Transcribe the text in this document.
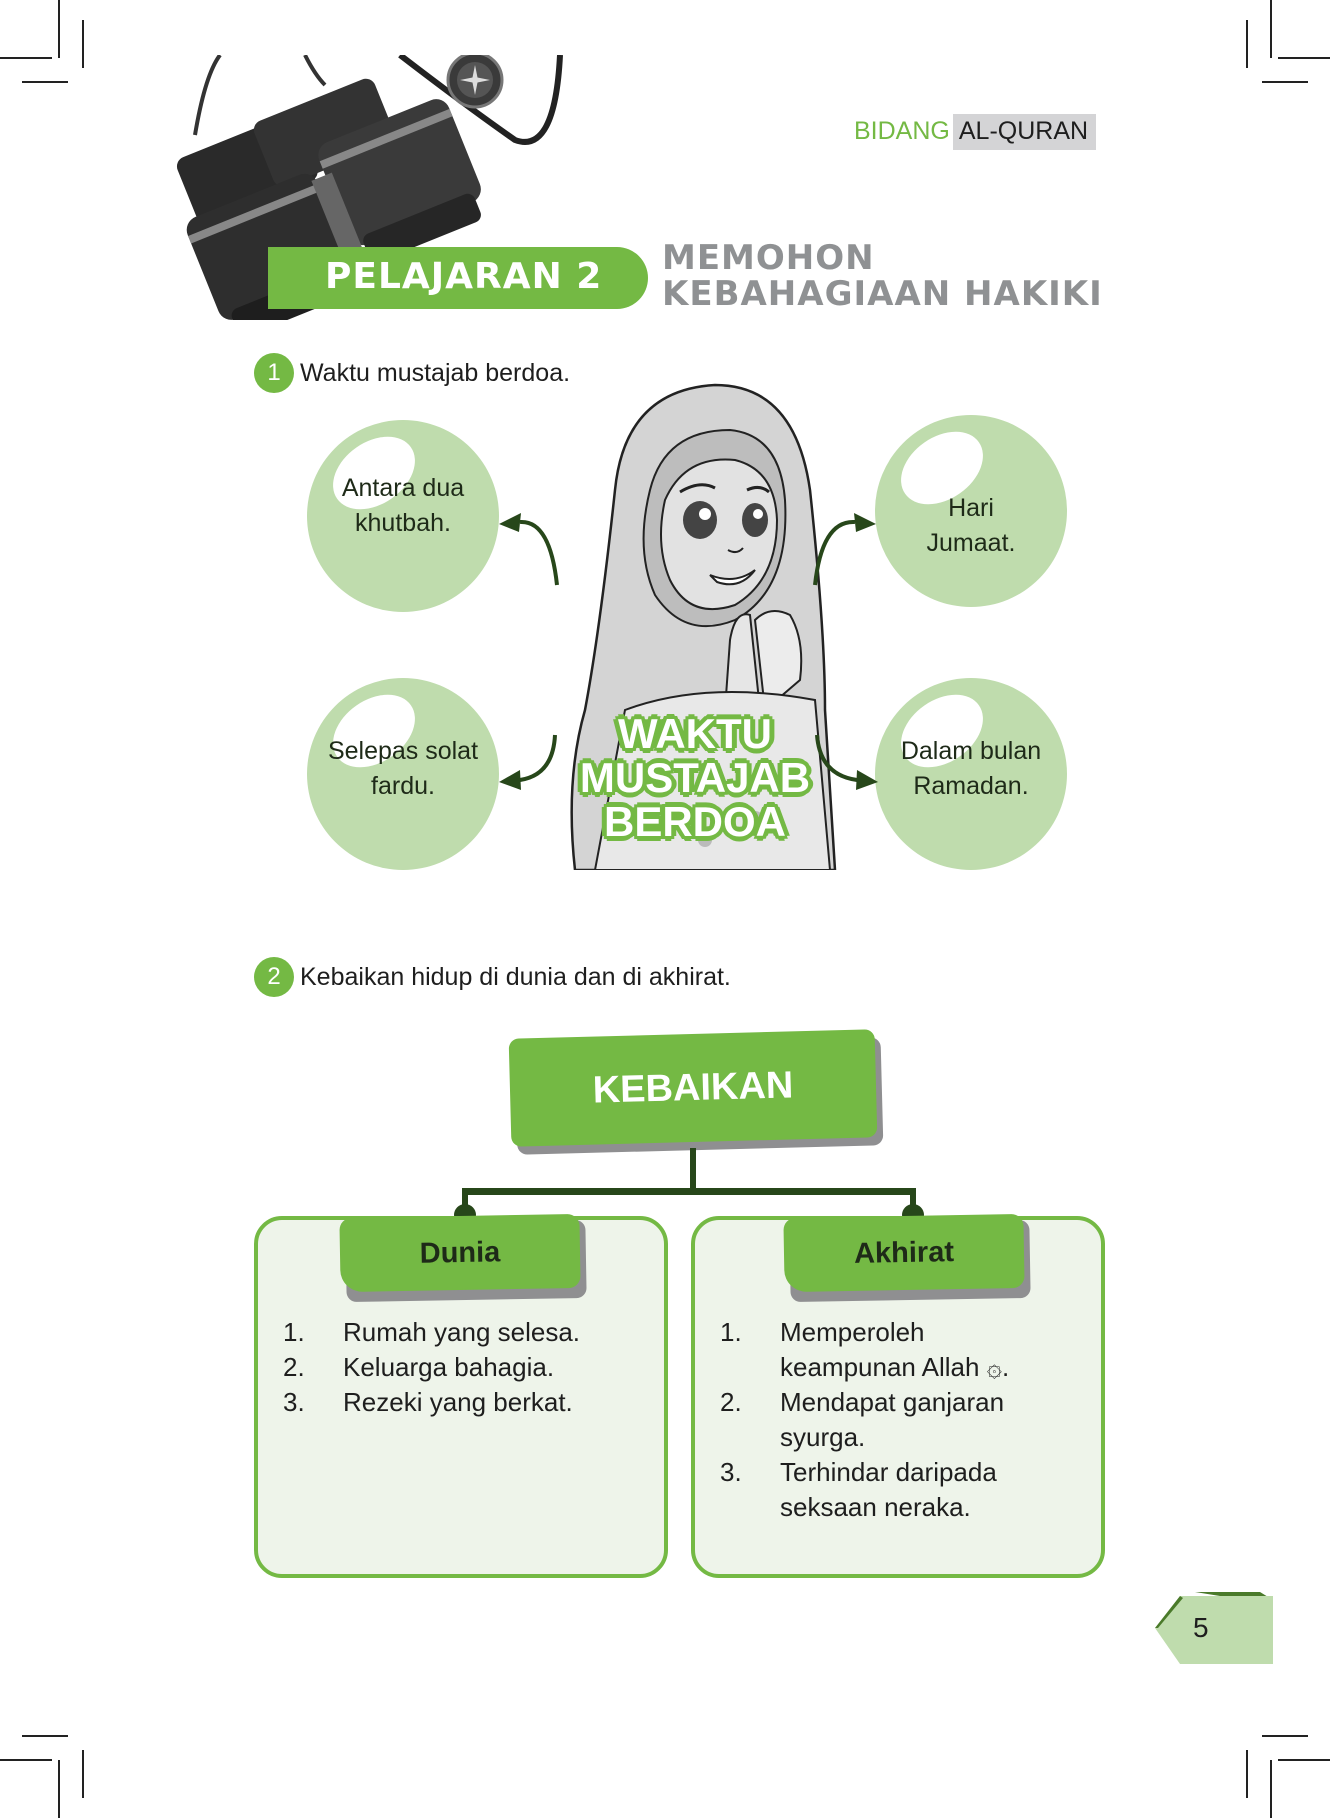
BIDANG AL-QURAN
PELAJARAN 2 MEMOHON
KEBAHAGIAAN HAKIKI
1 Waktu mustajab berdoa.
Antara dua
khutbah.
Hari
Jumaat.
Selepas solat
fardu.
Dalam bulan
Ramadan.
WAKTU
MUSTAJAB
BERDOA
2 Kebaikan hidup di dunia dan di akhirat.
KEBAIKAN
Dunia
1.	Rumah yang selesa.
2.	Keluarga bahagia.
3.	Rezeki yang berkat.
Akhirat
1.	Memperoleh
keampunan Allah ۞.
2.	Mendapat ganjaran
syurga.
3.	Terhindar daripada
seksaan neraka.
5
